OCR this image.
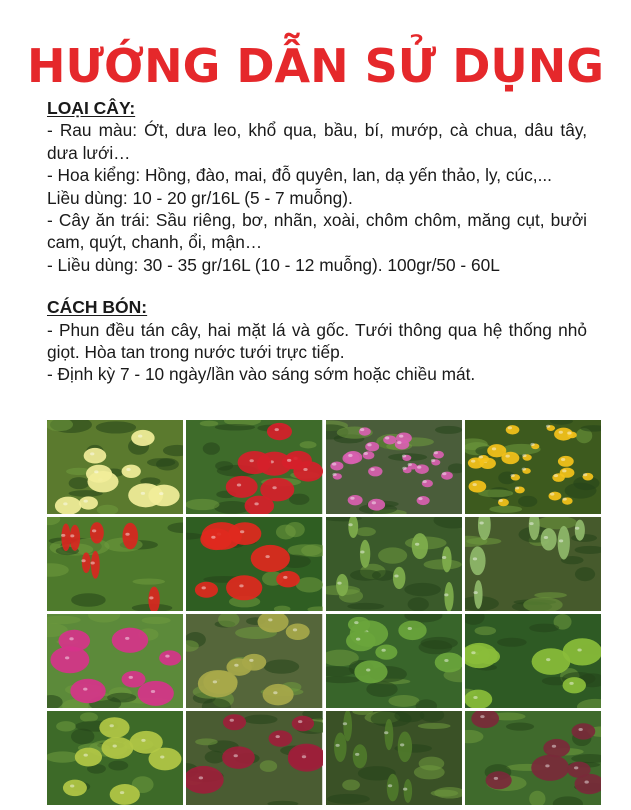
HƯỚNG DẪN SỬ DỤNG
LOẠI CÂY:
- Rau màu: Ớt, dưa leo, khổ qua, bầu, bí, mướp, cà chua, dâu tây, dưa lưới…
- Hoa kiểng: Hồng, đào, mai, đỗ quyên, lan, dạ yến thảo, ly, cúc,...
Liều dùng: 10 - 20 gr/16L (5 - 7 muỗng).
- Cây ăn trái: Sầu riêng, bơ, nhãn, xoài, chôm chôm, măng cụt, bưởi cam, quýt, chanh, ổi, mận…
- Liều dùng: 30 - 35 gr/16L (10 - 12 muỗng). 100gr/50 - 60L
CÁCH BÓN:
- Phun đều tán cây, hai mặt lá và gốc. Tưới thông qua hệ thống nhỏ giọt. Hòa tan trong nước tưới trực tiếp.
- Định kỳ 7 - 10 ngày/lần vào sáng sớm hoặc chiều mát.
